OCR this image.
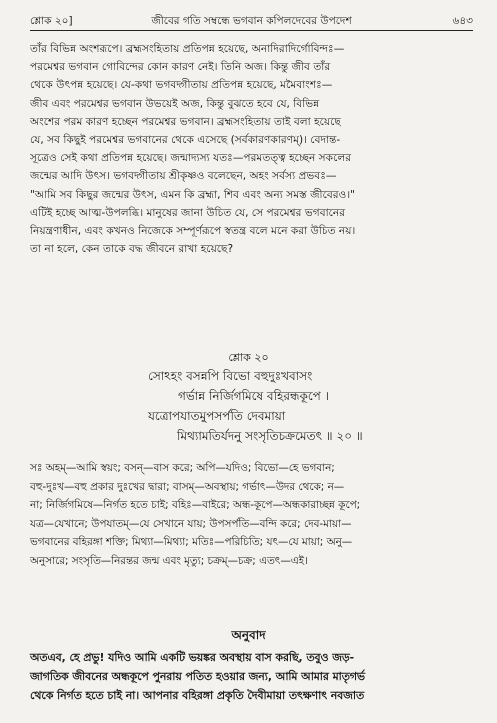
শ্লোক ২০]	জীবের গতি সম্বন্ধে ভগবান কপিলদেবের উপদেশ	৬৪৩
তাঁর বিভিন্ন অংশরূপে। ব্রহ্মসংহিতায় প্রতিপন্ন হয়েছে, অনাদিরাদির্গোবিন্দঃ—
পরমেশ্বর ভগবান গোবিন্দের কোন কারণ নেই। তিনি অজ। কিন্তু জীব তাঁর
থেকে উৎপন্ন হয়েছে। যে-কথা ভগবদ্গীতায় প্রতিপন্ন হয়েছে, মমৈবাংশঃ—
জীব এবং পরমেশ্বর ভগবান উভয়েই অজ, কিন্তু বুঝতে হবে যে, বিভিন্ন
অংশের পরম কারণ হচ্ছেন পরমেশ্বর ভগবান। ব্রহ্মসংহিতায় তাই বলা হয়েছে
যে, সব কিছুই পরমেশ্বর ভগবানের থেকে এসেছে (সর্বকারণকারণম্)। বেদান্ত-
সূত্রেও সেই কথা প্রতিপন্ন হয়েছে। জন্মাদ্যস্য যতঃ—পরমতত্ত্ব হচ্ছেন সকলের
জন্মের আদি উৎস। ভগবদ্গীতায় শ্রীকৃষ্ণও বলেছেন, অহং সর্বস্য প্রভবঃ—
"আমি সব কিছুর জন্মের উৎস, এমন কি ব্রহ্মা, শিব এবং অন্য সমস্ত জীবেরও।"
এটিই হচ্ছে আত্ম-উপলব্ধি। মানুষের জানা উচিত যে, সে পরমেশ্বর ভগবানের
নিয়ন্ত্রণাধীন, এবং কখনও নিজেকে সম্পূর্ণরূপে স্বতন্ত্র বলে মনে করা উচিত নয়।
তা না হলে, কেন তাকে বদ্ধ জীবনে রাখা হয়েছে?
শ্লোক ২০
সোঽহং বসন্নপি বিভো বহুদুঃখবাসং
গর্ভান্ন নির্জিগমিষে বহিরন্ধকূপে ।
যত্রোপযাতমুপসর্পতি দেবমায়া
মিথ্যামতির্যদনু সংসৃতিচক্রমেতৎ ॥ ২০ ॥
সঃ অহম্—আমি স্বয়ং; বসন্—বাস করে; অপি—যদিও; বিভো—হে ভগবান;
বহু-দুঃখ—বহু প্রকার দুঃখের দ্বারা; বাসম্—অবস্থায়; গর্ভাৎ—উদর থেকে; ন—
না; নির্জিগমিষে—নির্গত হতে চাই; বহিঃ—বাইরে; অন্ধ-কূপে—অন্ধকারাচ্ছন্ন কূপে;
যত্র—যেখানে; উপযাতম্—যে সেখানে যায়; উপসর্পতি—বন্দি করে; দেব-মায়া—
ভগবানের বহিরঙ্গা শক্তি; মিথ্যা—মিথ্যা; মতিঃ—পরিচিতি; যৎ—যে মায়া; অনু—
অনুসারে; সংসৃতি—নিরন্তর জন্ম এবং মৃত্যু; চক্রম্—চক্র; এতৎ—এই।
অনুবাদ
অতএব, হে প্রভু! যদিও আমি একটি ভয়ঙ্কর অবস্থায় বাস করছি, তবুও জড়-
জাগতিক জীবনের অন্ধকূপে পুনরায় পতিত হওয়ার জন্য, আমি আমার মাতৃগর্ভ
থেকে নির্গত হতে চাই না। আপনার বহিরঙ্গা প্রকৃতি দৈবীমায়া তৎক্ষণাৎ নবজাত
